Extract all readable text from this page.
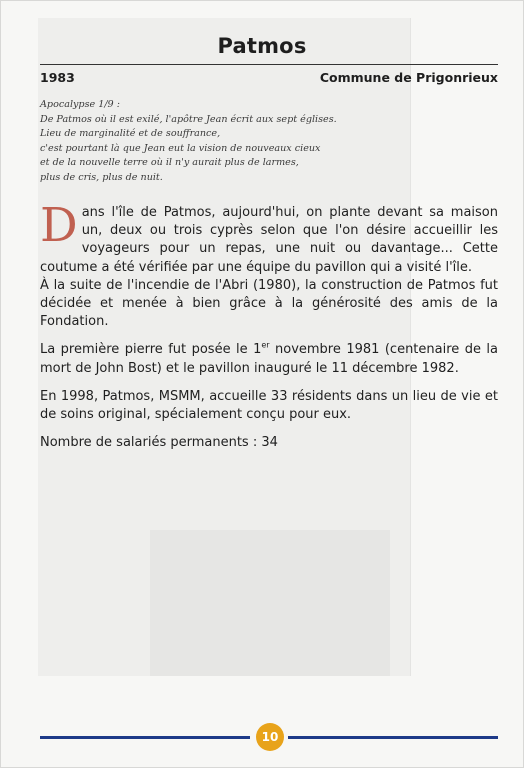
Patmos
1983	Commune de Prigonrieux
Apocalypse 1/9 :
De Patmos où il est exilé, l'apôtre Jean écrit aux sept églises.
Lieu de marginalité et de souffrance,
c'est pourtant là que Jean eut la vision de nouveaux cieux
et de la nouvelle terre où il n'y aurait plus de larmes,
plus de cris, plus de nuit.

Dans l'île de Patmos, aujourd'hui, on plante devant sa maison un, deux ou trois cyprès selon que l'on désire accueillir les voyageurs pour un repas, une nuit ou davantage... Cette coutume a été vérifiée par une équipe du pavillon qui a visité l'île.

À la suite de l'incendie de l'Abri (1980), la construction de Patmos fut décidée et menée à bien grâce à la générosité des amis de la Fondation.

La première pierre fut posée le 1er novembre 1981 (centenaire de la mort de John Bost) et le pavillon inauguré le 11 décembre 1982.

En 1998, Patmos, MSMM, accueille 33 résidents dans un lieu de vie et de soins original, spécialement conçu pour eux.

Nombre de salariés permanents : 34

10
